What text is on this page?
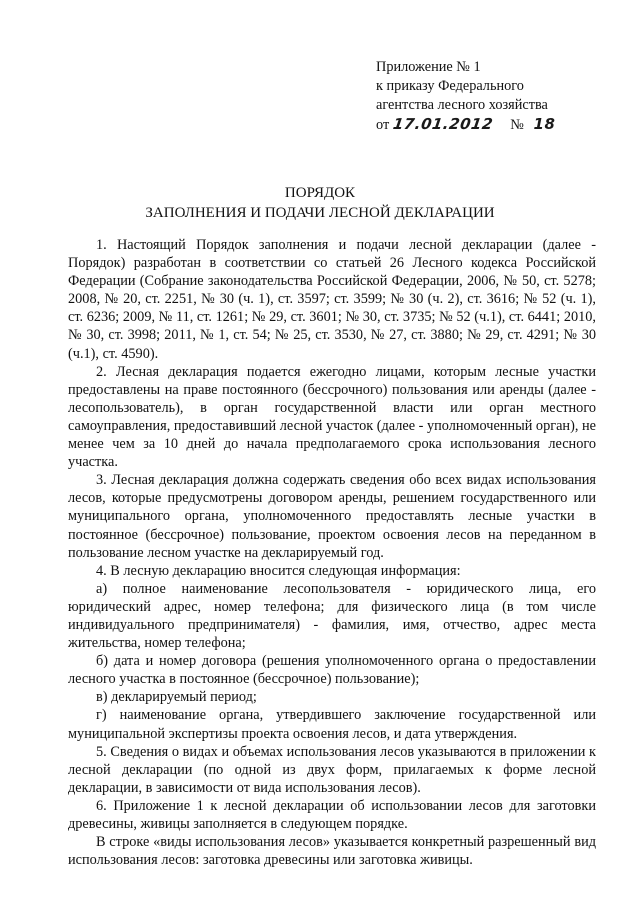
Приложение № 1
к приказу Федерального
агентства лесного хозяйства
от 17.01.2012 № 18
ПОРЯДОК
ЗАПОЛНЕНИЯ И ПОДАЧИ ЛЕСНОЙ ДЕКЛАРАЦИИ

1. Настоящий Порядок заполнения и подачи лесной декларации (далее - Порядок) разработан в соответствии со статьей 26 Лесного кодекса Российской Федерации (Собрание законодательства Российской Федерации, 2006, № 50, ст. 5278; 2008, № 20, ст. 2251, № 30 (ч. 1), ст. 3597; ст. 3599; № 30 (ч. 2), ст. 3616; № 52 (ч. 1), ст. 6236; 2009, № 11, ст. 1261; № 29, ст. 3601; № 30, ст. 3735; № 52 (ч.1), ст. 6441; 2010, № 30, ст. 3998; 2011, № 1, ст. 54; № 25, ст. 3530, № 27, ст. 3880; № 29, ст. 4291; № 30 (ч.1), ст. 4590).

2. Лесная декларация подается ежегодно лицами, которым лесные участки предоставлены на праве постоянного (бессрочного) пользования или аренды (далее - лесопользователь), в орган государственной власти или орган местного самоуправления, предоставивший лесной участок (далее - уполномоченный орган), не менее чем за 10 дней до начала предполагаемого срока использования лесного участка.

3. Лесная декларация должна содержать сведения обо всех видах использования лесов, которые предусмотрены договором аренды, решением государственного или муниципального органа, уполномоченного предоставлять лесные участки в постоянное (бессрочное) пользование, проектом освоения лесов на переданном в пользование лесном участке на декларируемый год.

4. В лесную декларацию вносится следующая информация:

а) полное наименование лесопользователя - юридического лица, его юридический адрес, номер телефона; для физического лица (в том числе индивидуального предпринимателя) - фамилия, имя, отчество, адрес места жительства, номер телефона;

б) дата и номер договора (решения уполномоченного органа о предоставлении лесного участка в постоянное (бессрочное) пользование);

в) декларируемый период;

г) наименование органа, утвердившего заключение государственной или муниципальной экспертизы проекта освоения лесов, и дата утверждения.

5. Сведения о видах и объемах использования лесов указываются в приложении к лесной декларации (по одной из двух форм, прилагаемых к форме лесной декларации, в зависимости от вида использования лесов).

6. Приложение 1 к лесной декларации об использовании лесов для заготовки древесины, живицы заполняется в следующем порядке.

В строке «виды использования лесов» указывается конкретный разрешенный вид использования лесов: заготовка древесины или заготовка живицы.
